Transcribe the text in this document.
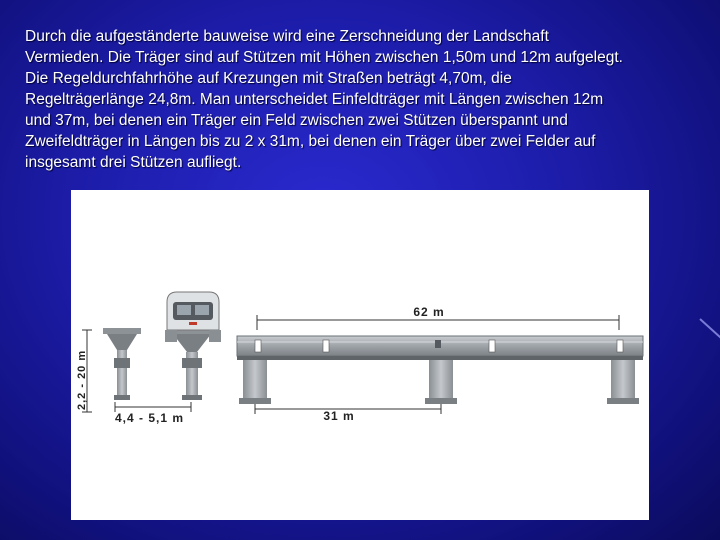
Durch die aufgeständerte bauweise wird eine Zerschneidung der Landschaft
Vermieden. Die Träger sind auf Stützen mit Höhen zwischen 1,50m und 12m aufgelegt.
Die Regeldurchfahrhöhe auf Krezungen mit Straßen beträgt 4,70m, die
Regelträgerlänge 24,8m. Man unterscheidet Einfeldträger mit Längen zwischen 12m
und 37m, bei denen ein Träger ein Feld zwischen zwei Stützen überspannt und
Zweifeldträger in Längen bis zu 2 x 31m, bei denen ein Träger über zwei Felder auf
insgesamt drei Stützen aufliegt.
2,2 - 20 m
62 m
4,4 - 5,1 m	31 m
